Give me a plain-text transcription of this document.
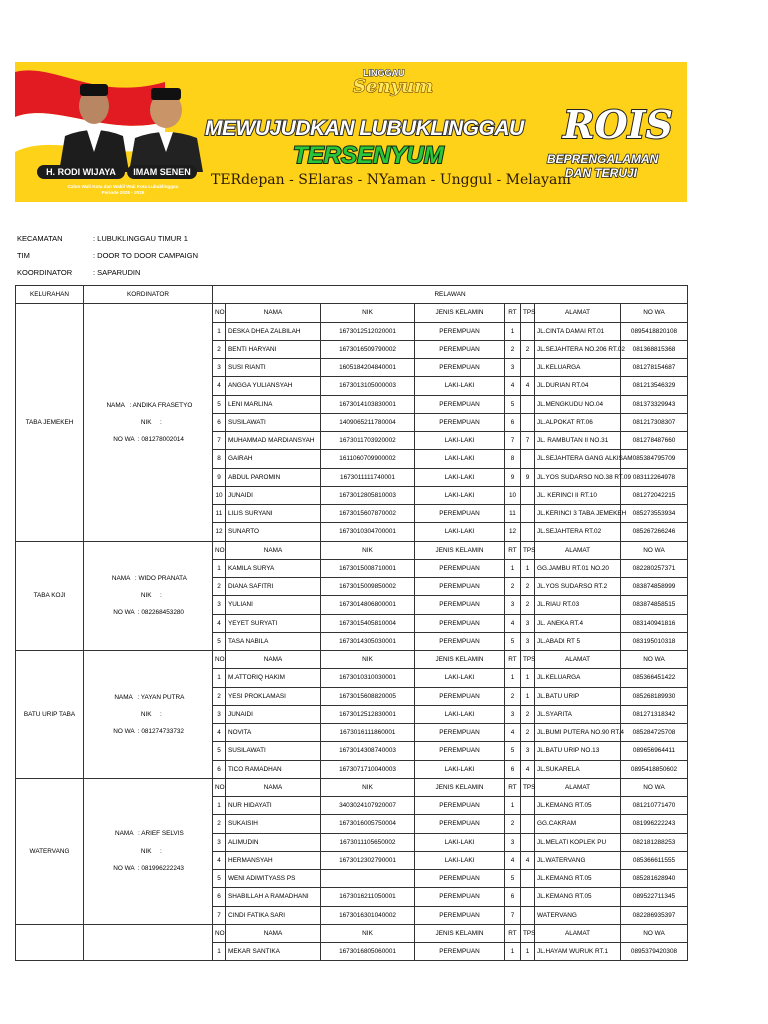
H. RODI WIJAYA	IMAM SENEN
Calon Wali Kota dan Wakil Wali Kota Lubuklinggau
Periode 2025 - 2029
LINGGAU
Senyum
MEWUJUDKAN LUBUKLINGGAU
TERSENYUM
TERdepan - SElaras - NYaman - Unggul - Melayani
ROIS
BEPRENGALAMAN
DAN TERUJI
KECAMATAN	: LUBUKLINGGAU TIMUR 1
TIM	: DOOR TO DOOR CAMPAIGN
KOORDINATOR	: SAPARUDIN
KELURAHAN	KORDINATOR	RELAWAN							
TABA JEMEKEH	NAMA : ANDIKA FRASETYO
NIK :
NO WA : 081278002014	NO	NAMA	NIK	JENIS KELAMIN	RT	TPS	ALAMAT	NO WA
		1	DESKA DHEA ZALBILAH	1673012512020001	PEREMPUAN	1		JL.CINTA DAMAI RT.01	0895418820108
		2	BENTI HARYANI	1673016509790002	PEREMPUAN	2	2	JL.SEJAHTERA NO.206 RT.02	081368815368
		3	SUSI RIANTI	1605184204840001	PEREMPUAN	3		JL.KELUARGA	081278154687
		4	ANGGA YULIANSYAH	1673013105000003	LAKI-LAKI	4	4	JL.DURIAN RT.04	081213546329
		5	LENI MARLINA	1673014103830001	PEREMPUAN	5		JL.MENGKUDU NO.04	081373329943
		6	SUSILAWATI	1409065211780004	PEREMPUAN	6		JL.ALPOKAT RT.06	081217308307
		7	MUHAMMAD MARDIANSYAH	1673011703920002	LAKI-LAKI	7	7	JL. RAMBUTAN II NO.31	081278487660
		8	GAIRAH	1611060709900002	LAKI-LAKI	8		JL.SEJAHTERA GANG ALKISAM	085384795709
		9	ABDUL PAROMIN	1673011111740001	LAKI-LAKI	9	9	JL.YOS SUDARSO NO.38 RT.09	083112264978
		10	JUNAIDI	1673012805810003	LAKI-LAKI	10		JL. KERINCI II RT.10	081272042215
		11	LILIS SURYANI	1673015607870002	PEREMPUAN	11		JL.KERINCI 3 TABA JEMEKEH	085273553934
		12	SUNARTO	1673010304700001	LAKI-LAKI	12		JL.SEJAHTERA RT.02	085267266246
TABA KOJI	NAMA : WIDO PRANATA
NIK :
NO WA : 082268453280	NO	NAMA	NIK	JENIS KELAMIN	RT	TPS	ALAMAT	NO WA
		1	KAMILA SURYA	1673015008710001	PEREMPUAN	1	1	GG.JAMBU RT.01 NO.20	082280257371
		2	DIANA SAFITRI	1673015009850002	PEREMPUAN	2	2	JL.YOS SUDARSO RT.2	083874858999
		3	YULIANI	1673014806800001	PEREMPUAN	3	2	JL.RIAU RT.03	083874858515
		4	YEYET SURYATI	1673015405810004	PEREMPUAN	4	3	JL. ANEKA RT.4	083140941816
		5	TASA NABILA	1673014305030001	PEREMPUAN	5	3	JL.ABADI RT 5	083195010318
BATU URIP TABA	NAMA : YAYAN PUTRA
NIK :
NO WA : 081274733732	NO	NAMA	NIK	JENIS KELAMIN	RT	TPS	ALAMAT	NO WA
		1	M.ATTORIQ HAKIM	1673010310030001	LAKI-LAKI	1	1	JL.KELUARGA	085366451422
		2	YESI PROKLAMASI	1673015608820005	PEREMPUAN	2	1	JL.BATU URIP	085268189930
		3	JUNAIDI	1673012512830001	LAKI-LAKI	3	2	JL.SYARITA	081271318342
		4	NOVITA	1673016111860001	PEREMPUAN	4	2	JL.BUMI PUTERA NO.90 RT.4	085284725708
		5	SUSILAWATI	1673014308740003	PEREMPUAN	5	3	JL.BATU URIP NO.13	089656964411
		6	TICO RAMADHAN	1673071710040003	LAKI-LAKI	6	4	JL.SUKARELA	0895418850602
WATERVANG	NAMA : ARIEF SELVIS
NIK :
NO WA : 081996222243	NO	NAMA	NIK	JENIS KELAMIN	RT	TPS	ALAMAT	NO WA
		1	NUR HIDAYATI	3403024107920007	PEREMPUAN	1		JL.KEMANG RT.05	081210771470
		2	SUKAISIH	1673016005750004	PEREMPUAN	2		GG.CAKRAM	081996222243
		3	ALIMUDIN	1673011105650002	LAKI-LAKI	3		JL.MELATI KOPLEK PU	082181288253
		4	HERMANSYAH	1673012302790001	LAKI-LAKI	4	4	JL.WATERVANG	085366611555
		5	WENI ADIWITYASS PS		PEREMPUAN	5		JL.KEMANG RT.05	085281628940
		6	SHABILLAH A RAMADHANI	1673016211050001	PEREMPUAN	6		JL.KEMANG RT.05	089522711345
		7	CINDI FATIKA SARI	1673016301040002	PEREMPUAN	7		WATERVANG	082286935397
		NO	NAMA	NIK	JENIS KELAMIN	RT	TPS	ALAMAT	NO WA
		1	MEKAR SANTIKA	1673016805060001	PEREMPUAN	1	1	JL.HAYAM WURUK RT.1	0895379420308
